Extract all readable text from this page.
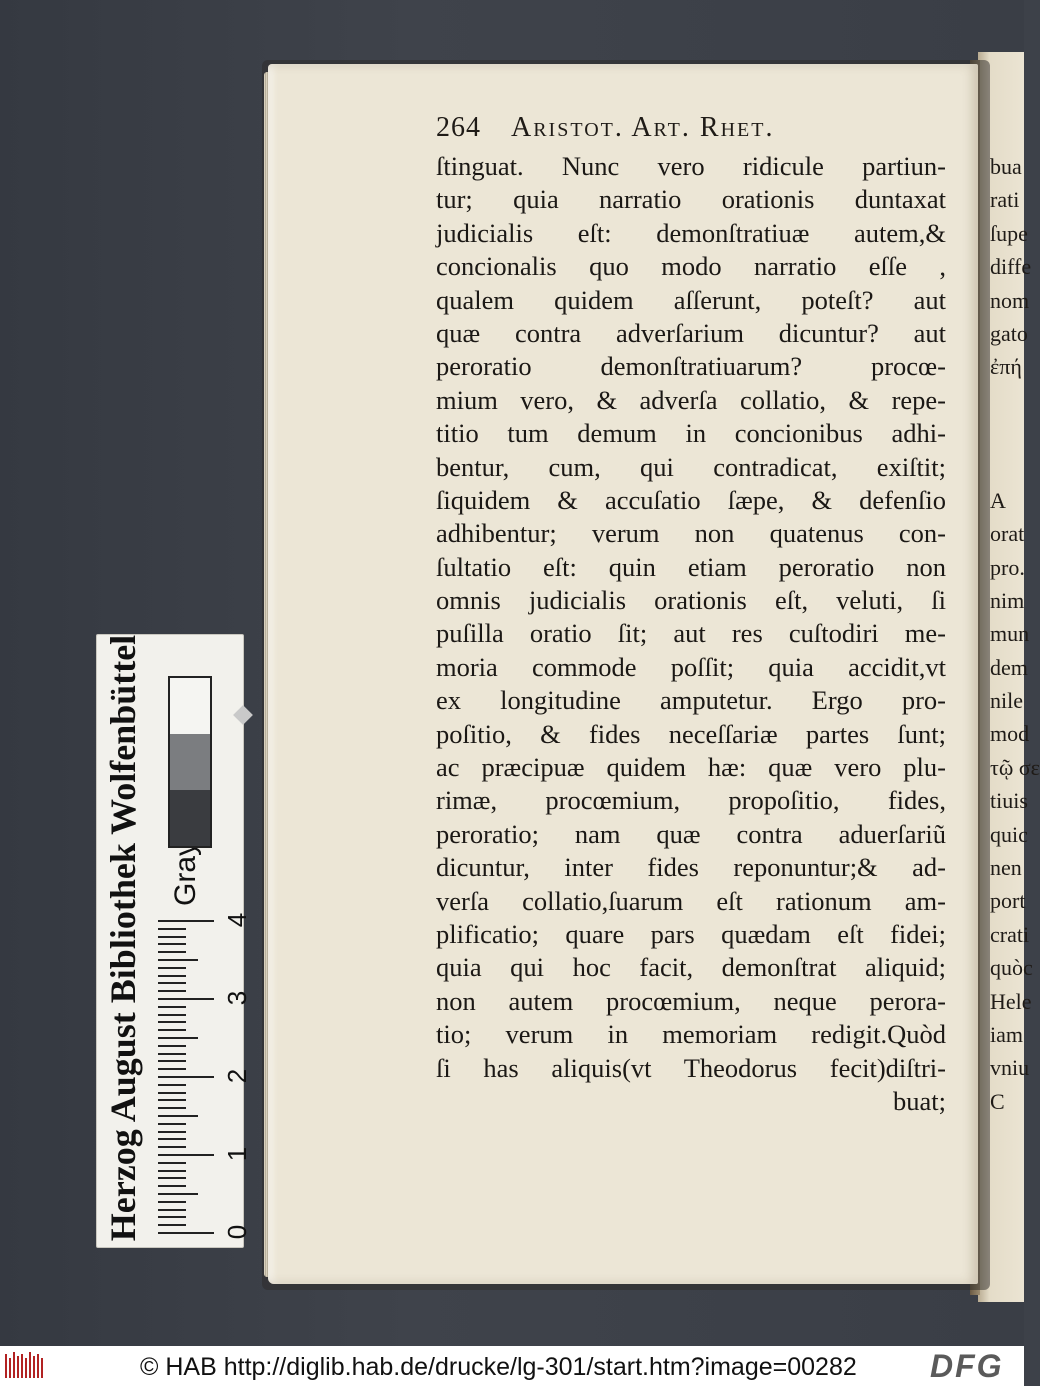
bua
rati
ſupe
diffe
nom
gato
ἐπή
A
orat
pro.
nim
mun
dem
nile
mod
τῷ σε
tiuis
quic
nen
port
crati
quòc
Hele
iam
vniu
C
264 Aristot. Art. Rhet.
ſtinguat. Nunc vero ridicule partiun-
tur; quia narratio orationis duntaxat
judicialis eſt: demonſtratiuæ autem,&
concionalis quo modo narratio eſſe ,
qualem quidem aſſerunt, poteſt? aut
quæ contra adverſarium dicuntur? aut
peroratio demonſtratiuarum? procœ-
mium vero, & adverſa collatio, & repe-
titio tum demum in concionibus adhi-
bentur, cum, qui contradicat, exiſtit;
ſiquidem & accuſatio ſæpe, & defenſio
adhibentur; verum non quatenus con-
ſultatio eſt: quin etiam peroratio non
omnis judicialis orationis eſt, veluti, ſi
puſilla oratio ſit; aut res cuſtodiri me-
moria commode poſſit; quia accidit,vt
ex longitudine amputetur. Ergo pro-
poſitio, & fides neceſſariæ partes ſunt;
ac præcipuæ quidem hæ: quæ vero plu-
rimæ, procœmium, propoſitio, fides,
peroratio; nam quæ contra aduerſariũ
dicuntur, inter fides reponuntur;& ad-
verſa collatio,ſuarum eſt rationum am-
plificatio; quare pars quædam eſt fidei;
quia qui hoc facit, demonſtrat aliquid;
non autem procœmium, neque perora-
tio; verum in memoriam redigit.Quòd
ſi has aliquis(vt Theodorus fecit)diſtri-
buat;
Herzog August Bibliothek Wolfenbüttel	0
1
2
3
4
© HAB http://diglib.hab.de/drucke/lg-301/start.htm?image=00282 DFG
